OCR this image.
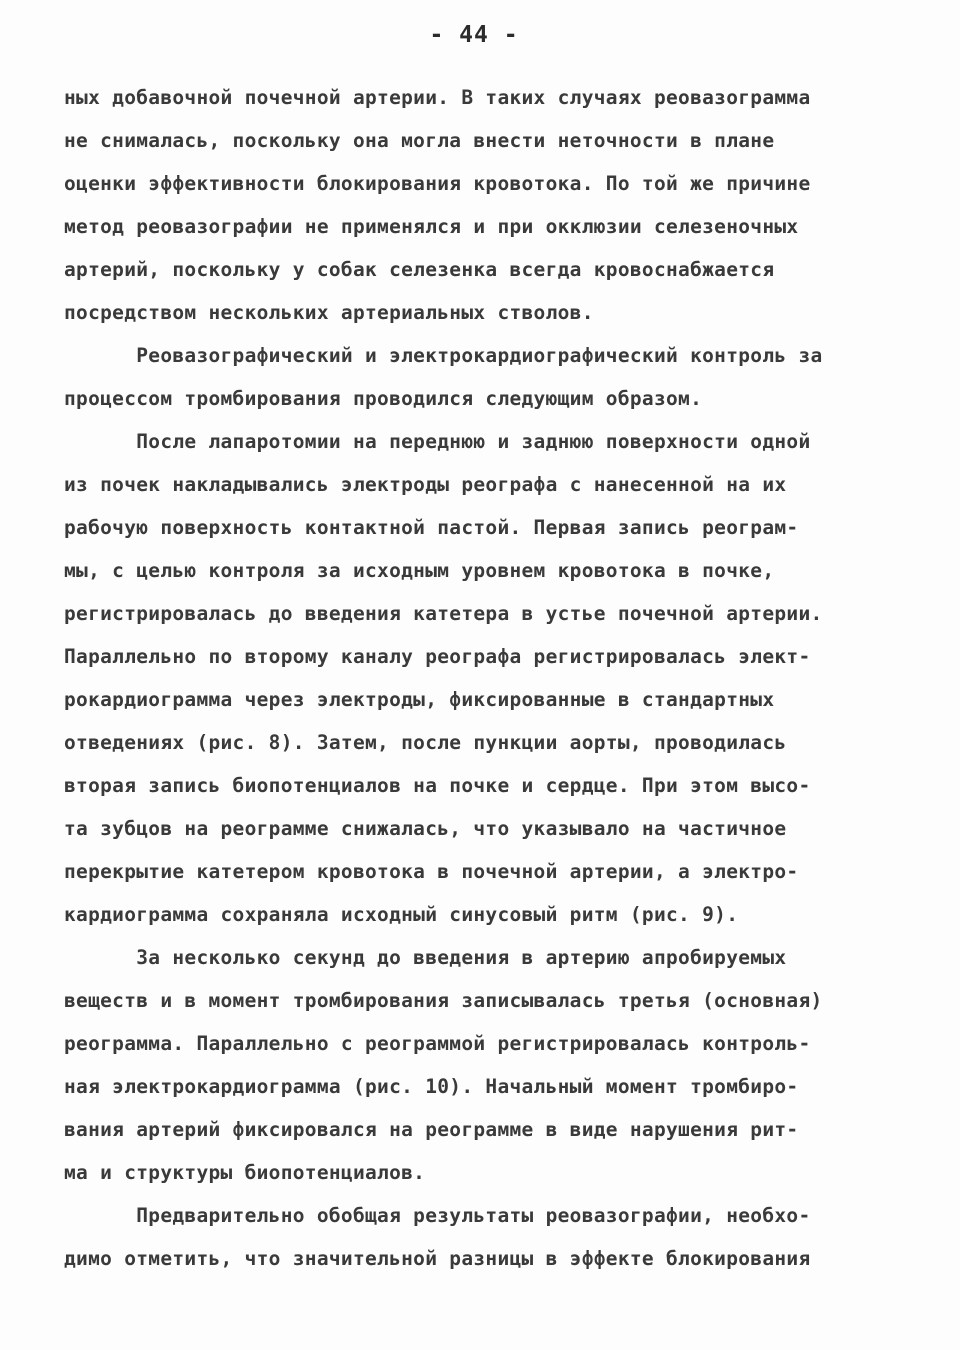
- 44 -
ных добавочной почечной артерии. В таких случаях реовазограмма
не снималась, поскольку она могла внести неточности в плане
оценки эффективности блокирования кровотока. По той же причине
метод реовазографии не применялся и при окклюзии селезеночных
артерий, поскольку у собак селезенка всегда кровоснабжается
посредством нескольких артериальных стволов.
Реовазографический и электрокардиографический контроль за
процессом тромбирования проводился следующим образом.
После лапаротомии на переднюю и заднюю поверхности одной
из почек накладывались электроды реографа с нанесенной на их
рабочую поверхность контактной пастой. Первая запись реограм-
мы, с целью контроля за исходным уровнем кровотока в почке,
регистрировалась до введения катетера в устье почечной артерии.
Параллельно по второму каналу реографа регистрировалась элект-
рокардиограмма через электроды, фиксированные в стандартных
отведениях (рис. 8). Затем, после пункции аорты, проводилась
вторая запись биопотенциалов на почке и сердце. При этом высо-
та зубцов на реограмме снижалась, что указывало на частичное
перекрытие катетером кровотока в почечной артерии, а электро-
кардиограмма сохраняла исходный синусовый ритм (рис. 9).
За несколько секунд до введения в артерию апробируемых
веществ и в момент тромбирования записывалась третья (основная)
реограмма. Параллельно с реограммой регистрировалась контроль-
ная электрокардиограмма (рис. 10). Начальный момент тромбиро-
вания артерий фиксировался на реограмме в виде нарушения рит-
ма и структуры биопотенциалов.
Предварительно обобщая результаты реовазографии, необхо-
димо отметить, что значительной разницы в эффекте блокирования
